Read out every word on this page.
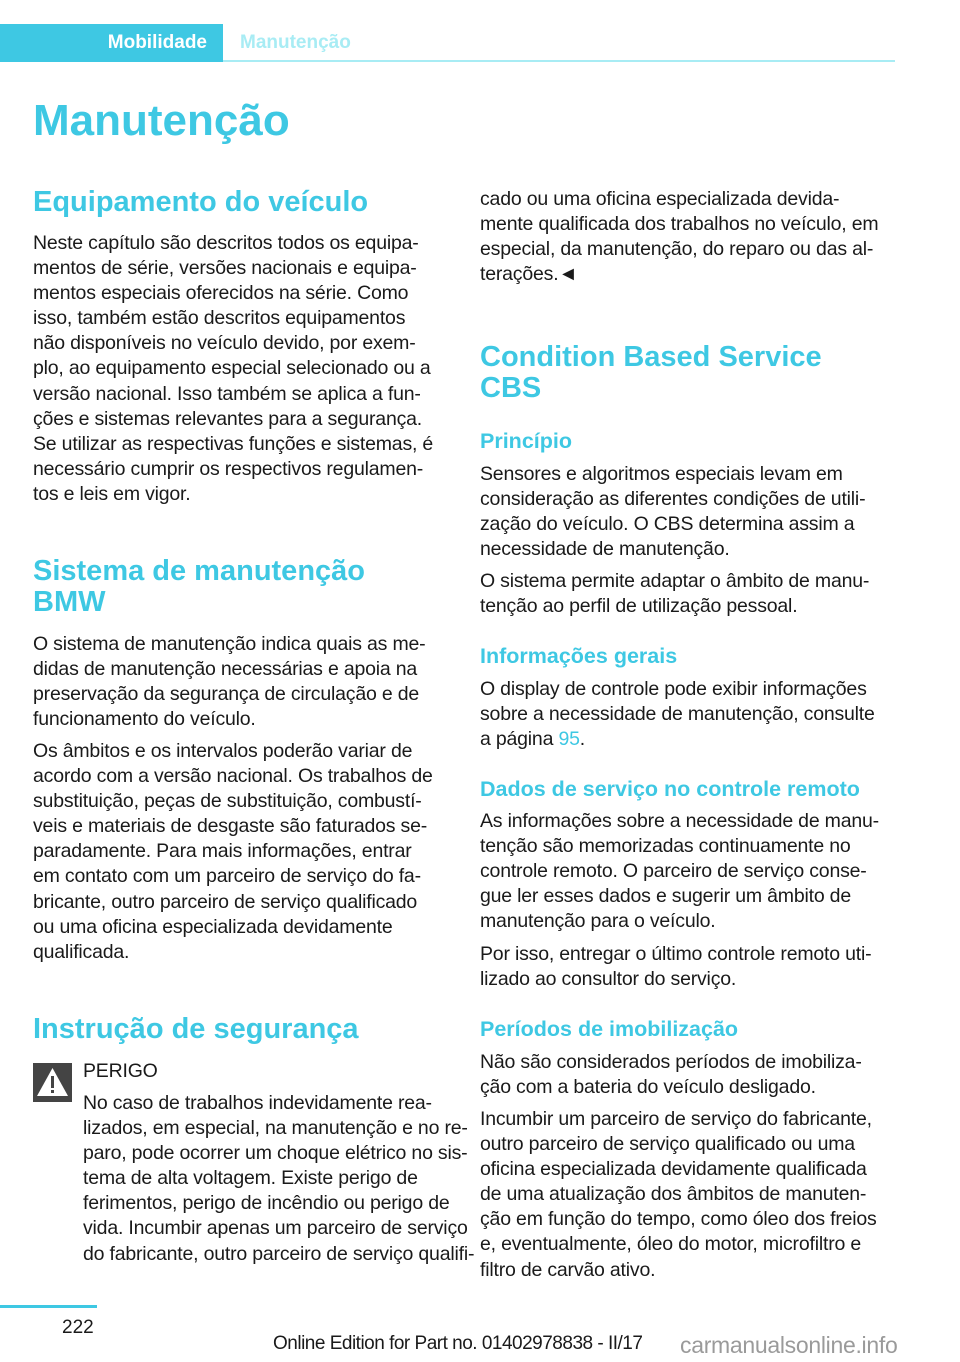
Mobilidade Manutenção
Manutenção
Equipamento do veículo
Neste capítulo são descritos todos os equipa-
mentos de série, versões nacionais e equipa-
mentos especiais oferecidos na série. Como
isso, também estão descritos equipamentos
não disponíveis no veículo devido, por exem-
plo, ao equipamento especial selecionado ou a
versão nacional. Isso também se aplica a fun-
ções e sistemas relevantes para a segurança.
Se utilizar as respectivas funções e sistemas, é
necessário cumprir os respectivos regulamen-
tos e leis em vigor.
Sistema de manutenção
BMW
O sistema de manutenção indica quais as me-
didas de manutenção necessárias e apoia na
preservação da segurança de circulação e de
funcionamento do veículo.
Os âmbitos e os intervalos poderão variar de
acordo com a versão nacional. Os trabalhos de
substituição, peças de substituição, combustí-
veis e materiais de desgaste são faturados se-
paradamente. Para mais informações, entrar
em contato com um parceiro de serviço do fa-
bricante, outro parceiro de serviço qualificado
ou uma oficina especializada devidamente
qualificada.
Instrução de segurança
PERIGO
No caso de trabalhos indevidamente rea-
lizados, em especial, na manutenção e no re-
paro, pode ocorrer um choque elétrico no sis-
tema de alta voltagem. Existe perigo de
ferimentos, perigo de incêndio ou perigo de
vida. Incumbir apenas um parceiro de serviço
do fabricante, outro parceiro de serviço qualifi-
cado ou uma oficina especializada devida-
mente qualificada dos trabalhos no veículo, em
especial, da manutenção, do reparo ou das al-
terações.◄
Condition Based Service
CBS
Princípio
Sensores e algoritmos especiais levam em
consideração as diferentes condições de utili-
zação do veículo. O CBS determina assim a
necessidade de manutenção.
O sistema permite adaptar o âmbito de manu-
tenção ao perfil de utilização pessoal.
Informações gerais
O display de controle pode exibir informações
sobre a necessidade de manutenção, consulte
a página 95.
Dados de serviço no controle remoto
As informações sobre a necessidade de manu-
tenção são memorizadas continuamente no
controle remoto. O parceiro de serviço conse-
gue ler esses dados e sugerir um âmbito de
manutenção para o veículo.
Por isso, entregar o último controle remoto uti-
lizado ao consultor do serviço.
Períodos de imobilização
Não são considerados períodos de imobiliza-
ção com a bateria do veículo desligado.
Incumbir um parceiro de serviço do fabricante,
outro parceiro de serviço qualificado ou uma
oficina especializada devidamente qualificada
de uma atualização dos âmbitos de manuten-
ção em função do tempo, como óleo dos freios
e, eventualmente, óleo do motor, microfiltro e
filtro de carvão ativo.
222
Online Edition for Part no. 01402978838 - II/17 carmanualsonline.info
